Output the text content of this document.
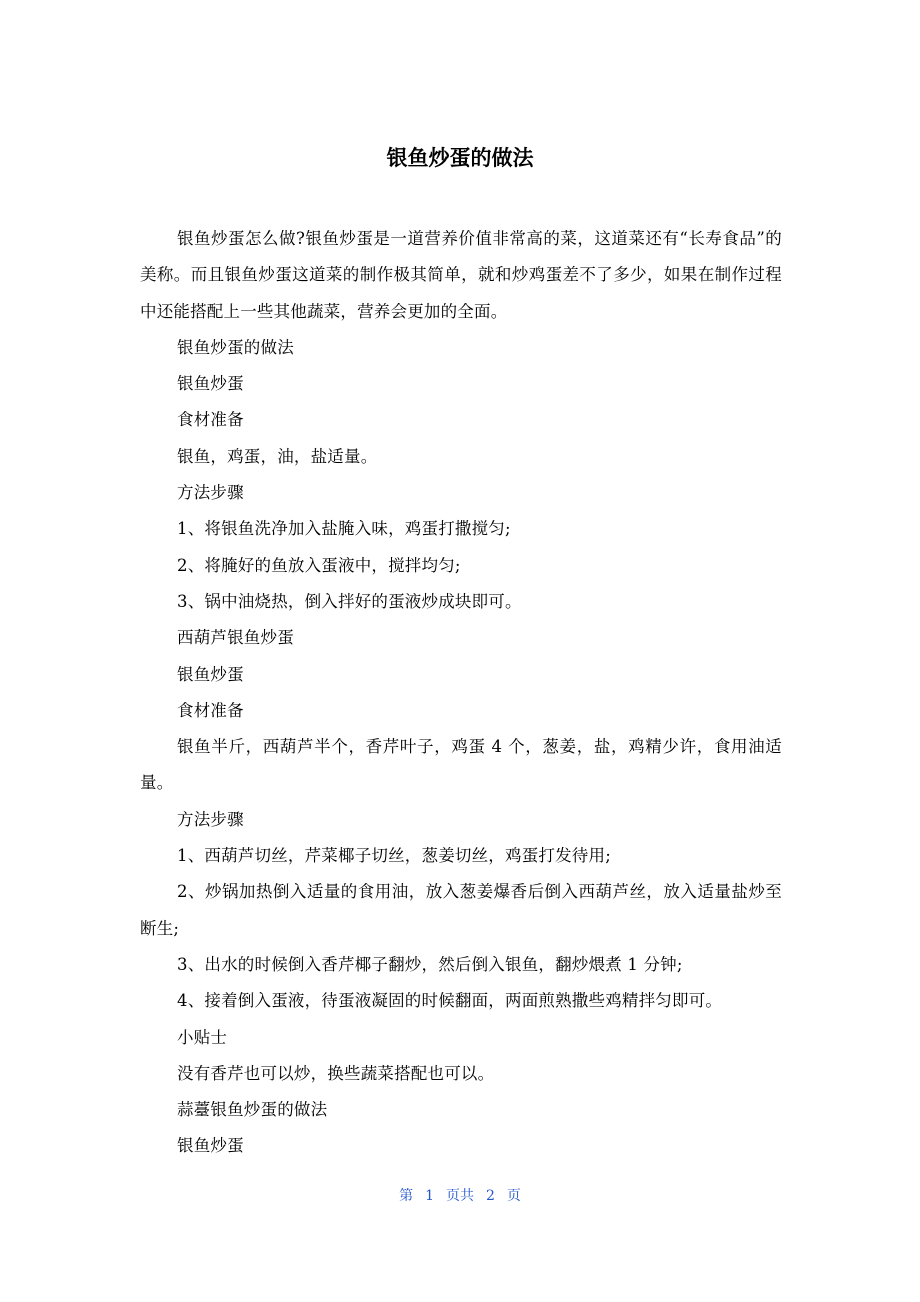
银鱼炒蛋的做法

银鱼炒蛋怎么做?银鱼炒蛋是一道营养价值非常高的菜，这道菜还有“长寿食品”的美称。而且银鱼炒蛋这道菜的制作极其简单，就和炒鸡蛋差不了多少，如果在制作过程中还能搭配上一些其他蔬菜，营养会更加的全面。

银鱼炒蛋的做法

银鱼炒蛋

食材准备

银鱼，鸡蛋，油，盐适量。

方法步骤

1、将银鱼洗净加入盐腌入味，鸡蛋打撒搅匀;

2、将腌好的鱼放入蛋液中，搅拌均匀;

3、锅中油烧热，倒入拌好的蛋液炒成块即可。

西葫芦银鱼炒蛋

银鱼炒蛋

食材准备

银鱼半斤，西葫芦半个，香芹叶子，鸡蛋 4 个，葱姜，盐，鸡精少许，食用油适量。

方法步骤

1、西葫芦切丝，芹菜椰子切丝，葱姜切丝，鸡蛋打发待用;

2、炒锅加热倒入适量的食用油，放入葱姜爆香后倒入西葫芦丝，放入适量盐炒至断生;

3、出水的时候倒入香芹椰子翻炒，然后倒入银鱼，翻炒煨煮 1 分钟;

4、接着倒入蛋液，待蛋液凝固的时候翻面，两面煎熟撒些鸡精拌匀即可。

小贴士

没有香芹也可以炒，换些蔬菜搭配也可以。

蒜薹银鱼炒蛋的做法

银鱼炒蛋

第 1 页共 2 页
